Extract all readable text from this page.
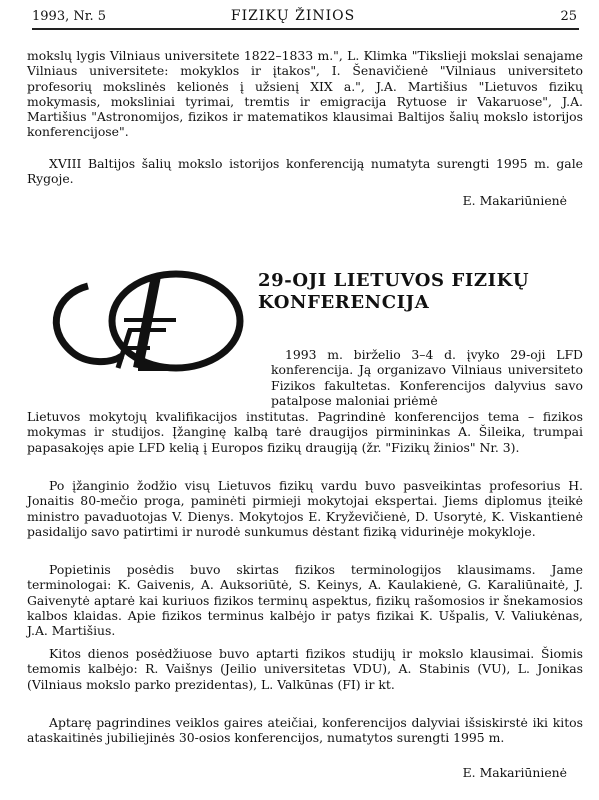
1993, Nr. 5	FIZIKŲ ŽINIOS	25
mokslų lygis Vilniaus universitete 1822–1833 m.", L. Klimka "Tikslieji mokslai senajame Vilniaus universitete: mokyklos ir įtakos", I. Šenavičienė "Vilniaus universiteto profesorių mokslinės kelionės į užsienį XIX a.", J.A. Martišius "Lietuvos fizikų mokymasis, moksliniai tyrimai, tremtis ir emigracija Rytuose ir Vakaruose", J.A. Martišius "Astronomijos, fizikos ir matematikos klausimai Baltijos šalių mokslo istorijos konferencijose".
XVIII Baltijos šalių mokslo istorijos konferenciją numatyta surengti 1995 m. gale Rygoje.
E. Makariūnienė
29-OJI LIETUVOS FIZIKŲ
KONFERENCIJA
1993 m. birželio 3–4 d. įvyko 29-oji LFD konferencija. Ją organizavo Vilniaus universiteto Fizikos fakultetas. Konferencijos dalyvius savo patalpose maloniai priėmė
Lietuvos mokytojų kvalifikacijos institutas. Pagrindinė konferencijos tema – fizikos mokymas ir studijos. Įžanginę kalbą tarė draugijos pirmininkas A. Šileika, trumpai papasakojęs apie LFD kelią į Europos fizikų draugiją (žr. "Fizikų žinios" Nr. 3).
Po įžanginio žodžio visų Lietuvos fizikų vardu buvo pasveikintas profesorius H. Jonaitis 80-mečio proga, paminėti pirmieji mokytojai ekspertai. Jiems diplomus įteikė ministro pavaduotojas V. Dienys. Mokytojos E. Kryževičienė, D. Usorytė, K. Viskantienė pasidalijo savo patirtimi ir nurodė sunkumus dėstant fiziką vidurinėje mokykloje.
Popietinis posėdis buvo skirtas fizikos terminologijos klausimams. Jame terminologai: K. Gaivenis, A. Auksoriūtė, S. Keinys, A. Kaulakienė, G. Karaliūnaitė, J. Gaivenytė aptarė kai kuriuos fizikos terminų aspektus, fizikų rašomosios ir šnekamosios kalbos klaidas. Apie fizikos terminus kalbėjo ir patys fizikai K. Ušpalis, V. Valiukėnas, J.A. Martišius.
Kitos dienos posėdžiuose buvo aptarti fizikos studijų ir mokslo klausimai. Šiomis temomis kalbėjo: R. Vaišnys (Jeilio universitetas VDU), A. Stabinis (VU), L. Jonikas (Vilniaus mokslo parko prezidentas), L. Valkūnas (FI) ir kt.
Aptarę pagrindines veiklos gaires ateičiai, konferencijos dalyviai išsiskirstė iki kitos ataskaitinės jubiliejinės 30-osios konferencijos, numatytos surengti 1995 m.
E. Makariūnienė
